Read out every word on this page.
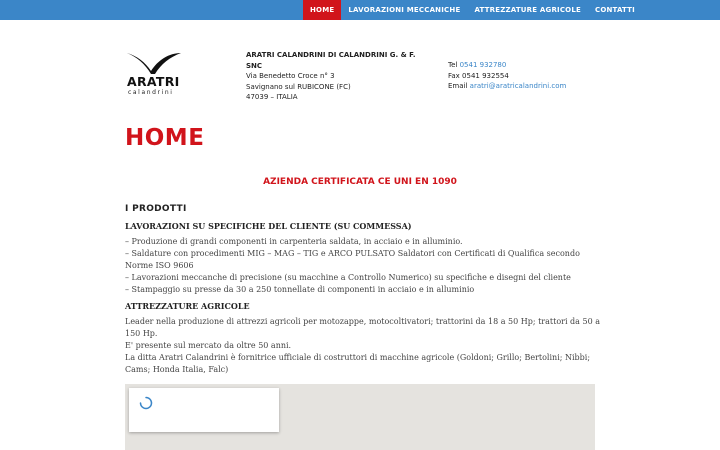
HOME	LAVORAZIONI MECCANICHE	ATTREZZATURE AGRICOLE	CONTATTI
ARATRI
calandrini
ARATRI CALANDRINI DI CALANDRINI G. & F. SNC
Via Benedetto Croce n° 3
Savignano sul RUBICONE (FC)
47039 – ITALIA
Tel 0541 932780
Fax 0541 932554
Email aratri@aratricalandrini.com
HOME
AZIENDA CERTIFICATA CE UNI EN 1090
I PRODOTTI
LAVORAZIONI SU SPECIFICHE DEL CLIENTE (SU COMMESSA)

– Produzione di grandi componenti in carpenteria saldata, in acciaio e in alluminio.

– Saldature con procedimenti MIG – MAG – TIG e ARCO PULSATO Saldatori con Certificati di Qualifica secondo Norme ISO 9606

– Lavorazioni meccanche di precisione (su macchine a Controllo Numerico) su specifiche e disegni del cliente

– Stampaggio su presse da 30 a 250 tonnellate di componenti in acciaio e in alluminio

ATTREZZATURE AGRICOLE

Leader nella produzione di attrezzi agricoli per motozappe, motocoltivatori; trattorini da 18 a 50 Hp; trattori da 50 a 150 Hp.

E' presente sul mercato da oltre 50 anni.

La ditta Aratri Calandrini è fornitrice ufficiale di costruttori di macchine agricole (Goldoni; Grillo; Bertolini; Nibbi; Cams; Honda Italia, Falc)
